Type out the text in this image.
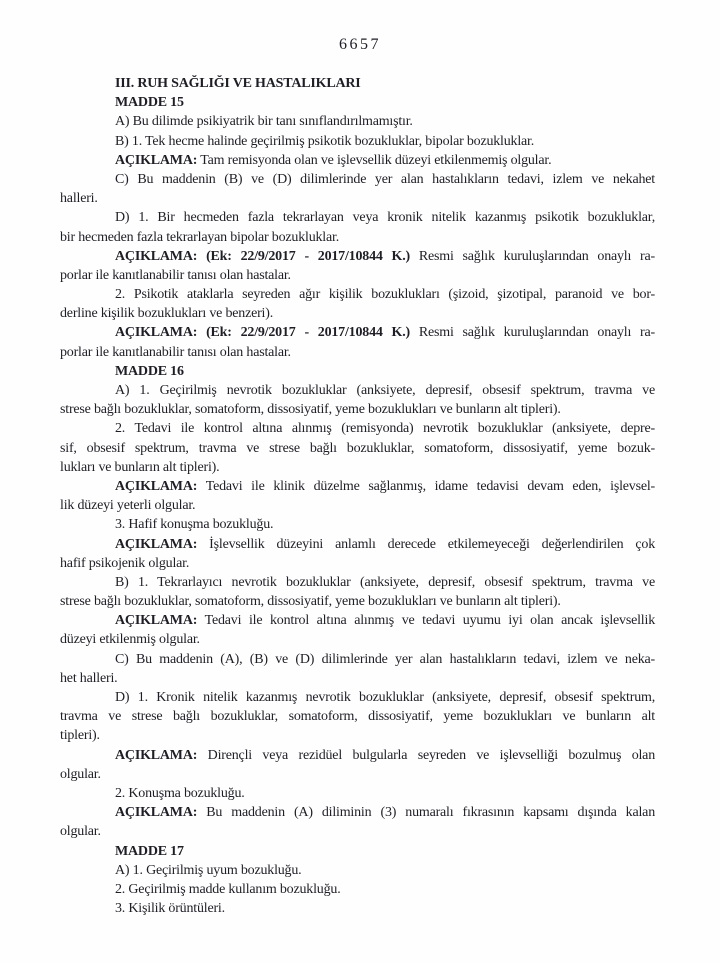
6657
III. RUH SAĞLIĞI VE HASTALIKLARI
MADDE 15
A) Bu dilimde psikiyatrik bir tanı sınıflandırılmamıştır.
B) 1. Tek hecme halinde geçirilmiş psikotik bozukluklar, bipolar bozukluklar.
AÇIKLAMA: Tam remisyonda olan ve işlevsellik düzeyi etkilenmemiş olgular.
C) Bu maddenin (B) ve (D) dilimlerinde yer alan hastalıkların tedavi, izlem ve nekahet
halleri.
D) 1. Bir hecmeden fazla tekrarlayan veya kronik nitelik kazanmış psikotik bozukluklar,
bir hecmeden fazla tekrarlayan bipolar bozukluklar.
AÇIKLAMA: (Ek: 22/9/2017 - 2017/10844 K.) Resmi sağlık kuruluşlarından onaylı ra-
porlar ile kanıtlanabilir tanısı olan hastalar.
2. Psikotik ataklarla seyreden ağır kişilik bozuklukları (şizoid, şizotipal, paranoid ve bor-
derline kişilik bozuklukları ve benzeri).
AÇIKLAMA: (Ek: 22/9/2017 - 2017/10844 K.) Resmi sağlık kuruluşlarından onaylı ra-
porlar ile kanıtlanabilir tanısı olan hastalar.
MADDE 16
A) 1. Geçirilmiş nevrotik bozukluklar (anksiyete, depresif, obsesif spektrum, travma ve
strese bağlı bozukluklar, somatoform, dissosiyatif, yeme bozuklukları ve bunların alt tipleri).
2. Tedavi ile kontrol altına alınmış (remisyonda) nevrotik bozukluklar (anksiyete, depre-
sif, obsesif spektrum, travma ve strese bağlı bozukluklar, somatoform, dissosiyatif, yeme bozuk-
lukları ve bunların alt tipleri).
AÇIKLAMA: Tedavi ile klinik düzelme sağlanmış, idame tedavisi devam eden, işlevsel-
lik düzeyi yeterli olgular.
3. Hafif konuşma bozukluğu.
AÇIKLAMA: İşlevsellik düzeyini anlamlı derecede etkilemeyeceği değerlendirilen çok
hafif psikojenik olgular.
B) 1. Tekrarlayıcı nevrotik bozukluklar (anksiyete, depresif, obsesif spektrum, travma ve
strese bağlı bozukluklar, somatoform, dissosiyatif, yeme bozuklukları ve bunların alt tipleri).
AÇIKLAMA: Tedavi ile kontrol altına alınmış ve tedavi uyumu iyi olan ancak işlevsellik
düzeyi etkilenmiş olgular.
C) Bu maddenin (A), (B) ve (D) dilimlerinde yer alan hastalıkların tedavi, izlem ve neka-
het halleri.
D) 1. Kronik nitelik kazanmış nevrotik bozukluklar (anksiyete, depresif, obsesif spektrum,
travma ve strese bağlı bozukluklar, somatoform, dissosiyatif, yeme bozuklukları ve bunların alt
tipleri).
AÇIKLAMA: Dirençli veya rezidüel bulgularla seyreden ve işlevselliği bozulmuş olan
olgular.
2. Konuşma bozukluğu.
AÇIKLAMA: Bu maddenin (A) diliminin (3) numaralı fıkrasının kapsamı dışında kalan
olgular.
MADDE 17
A) 1. Geçirilmiş uyum bozukluğu.
2. Geçirilmiş madde kullanım bozukluğu.
3. Kişilik örüntüleri.
